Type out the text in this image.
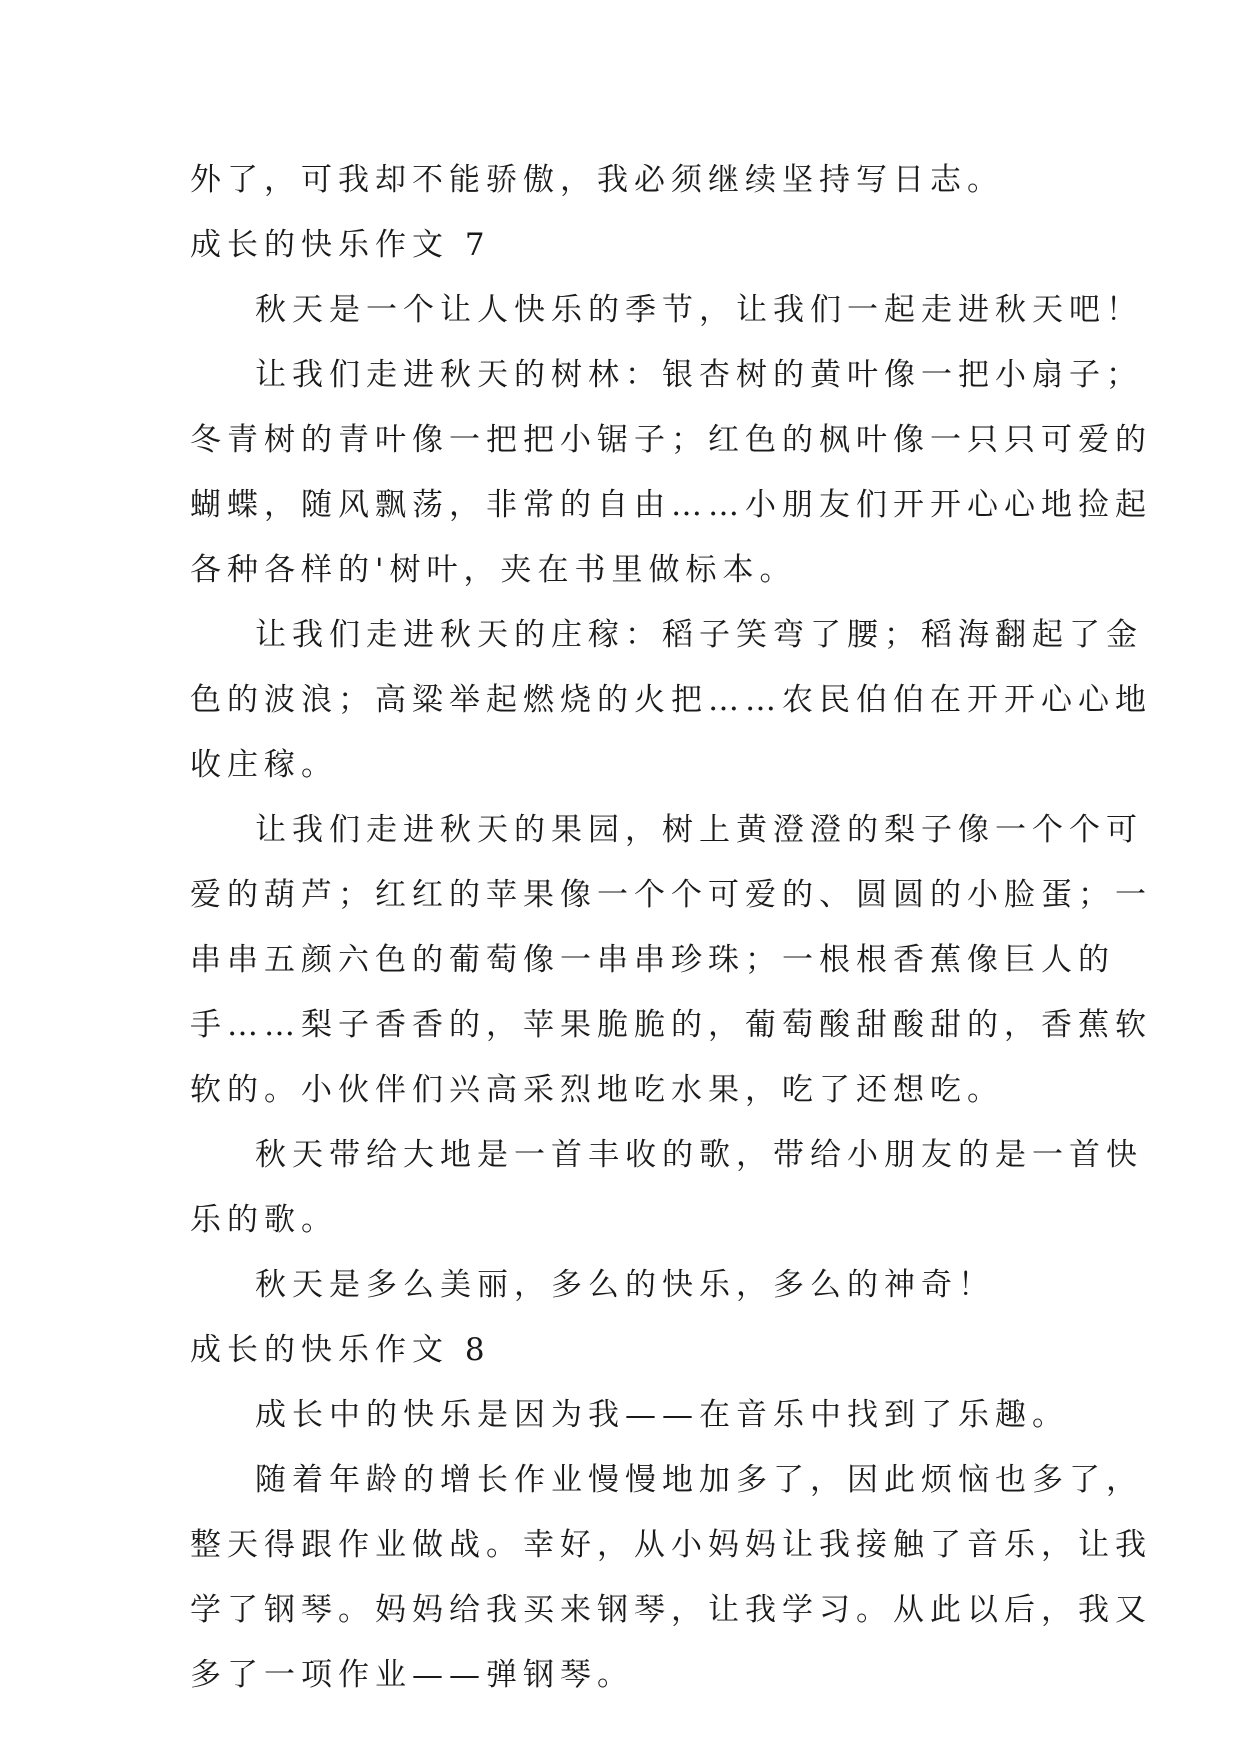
外了，可我却不能骄傲，我必须继续坚持写日志。
成长的快乐作文 7
秋天是一个让人快乐的季节，让我们一起走进秋天吧！
让我们走进秋天的树林：银杏树的黄叶像一把小扇子；
冬青树的青叶像一把把小锯子；红色的枫叶像一只只可爱的
蝴蝶，随风飘荡，非常的自由……小朋友们开开心心地捡起
各种各样的'树叶，夹在书里做标本。
让我们走进秋天的庄稼：稻子笑弯了腰；稻海翻起了金
色的波浪；高粱举起燃烧的火把……农民伯伯在开开心心地
收庄稼。
让我们走进秋天的果园，树上黄澄澄的梨子像一个个可
爱的葫芦；红红的苹果像一个个可爱的、圆圆的小脸蛋；一
串串五颜六色的葡萄像一串串珍珠；一根根香蕉像巨人的
手……梨子香香的，苹果脆脆的，葡萄酸甜酸甜的，香蕉软
软的。小伙伴们兴高采烈地吃水果，吃了还想吃。
秋天带给大地是一首丰收的歌，带给小朋友的是一首快
乐的歌。
秋天是多么美丽，多么的快乐，多么的神奇！
成长的快乐作文 8
成长中的快乐是因为我——在音乐中找到了乐趣。
随着年龄的增长作业慢慢地加多了，因此烦恼也多了，
整天得跟作业做战。幸好，从小妈妈让我接触了音乐，让我
学了钢琴。妈妈给我买来钢琴，让我学习。从此以后，我又
多了一项作业——弹钢琴。
